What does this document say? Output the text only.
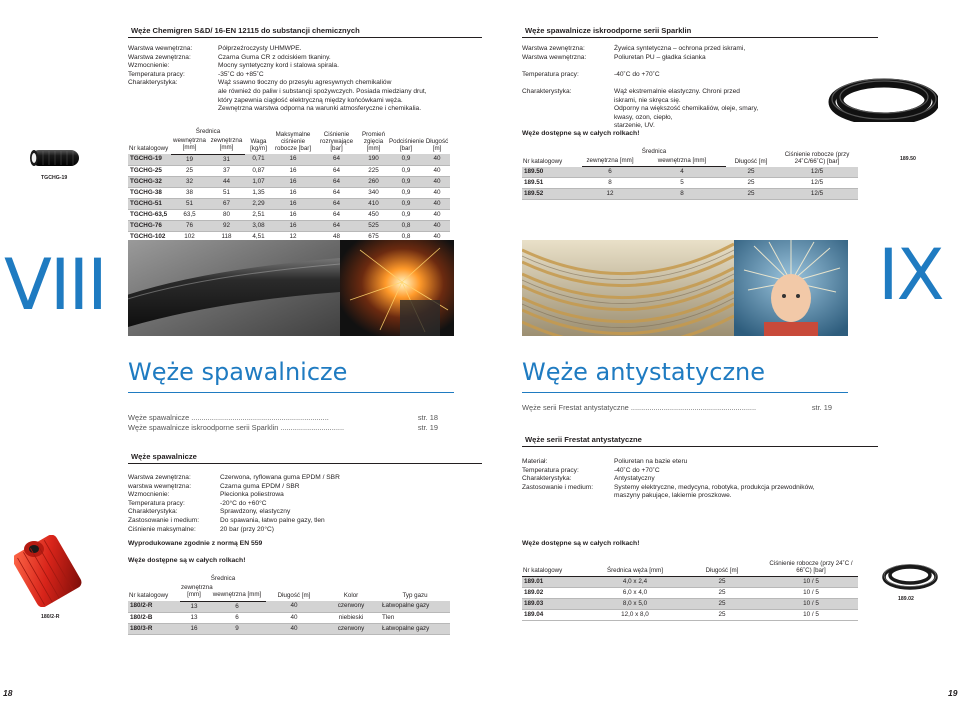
Węże Chemigren S&D/ 16-EN 12115 do substancji chemicznych
Warstwa wewnętrzna:	Półprzeźroczysty UHMWPE.
Warstwa zewnętrzna:	Czarna Guma CR z odciskiem tkaniny.
Wzmocnienie:	Mocny syntetyczny kord i stalowa spirala.
Temperatura pracy:	-35˚C do +85˚C
Charakterystyka:	Wąż ssawno tłoczny do przesyłu agresywnych chemikaliów
ale również do paliw i substancji spożywczych. Posiada miedziany drut,
który zapewnia ciągłość elektryczną między końcówkami węża.
Zewnętrzna warstwa odporna na warunki atmosferyczne i chemikalia.
TGCHG-19
Nr katalogowy	Średnica		Waga [kg/m]	Maksymalne ciśnienie robocze [bar]	Ciśnienie rozrywające [bar]	Promień zgięcia [mm]	Podciśnienie [bar]	Długość [m]
	wewnętrzna [mm]	zewnętrzna [mm]						
TGCHG-19	19	31	0,71	16	64	190	0,9	40
TGCHG-25	25	37	0,87	16	64	225	0,9	40
TGCHG-32	32	44	1,07	16	64	260	0,9	40
TGCHG-38	38	51	1,35	16	64	340	0,9	40
TGCHG-51	51	67	2,29	16	64	410	0,9	40
TGCHG-63,5	63,5	80	2,51	16	64	450	0,9	40
TGCHG-76	76	92	3,08	16	64	525	0,8	40
TGCHG-102	102	118	4,51	12	48	675	0,8	40
VIII
Węże spawalnicze
Węże spawalnicze ...................................................................	str. 18
Węże spawalnicze iskroodporne serii Sparklin ...............................	str. 19
Węże spawalnicze
Warstwa zewnętrzna:	Czerwona, ryflowana guma EPDM / SBR
warstwa wewnętrzna:	Czarna guma EPDM / SBR
Wzmocnienie:	Plecionka poliestrowa
Temperatura pracy:	-20°C do +60°C
Charakterystyka:	Sprawdzony, elastyczny
Zastosowanie i medium:	Do spawania, łatwo palne gazy, tlen
Ciśnienie maksymalne:	20 bar (przy 20°C)
Wyprodukowane zgodnie z normą EN 559
Węże dostępne są w całych rolkach!
180/2-R
Nr katalogowy	Średnica		Długość [m]	Kolor	Typ gazu
	zewnętrzna [mm]	wewnętrzna [mm]			
180/2-R	13	6	40	czerwony	Łatwopalne gazy
180/2-B	13	6	40	niebieski	Tlen
180/3-R	16	9	40	czerwony	Łatwopalne gazy
18
Węże spawalnicze iskroodporne serii Sparklin
Warstwa zewnętrzna:	Żywica syntetyczna – ochrona przed iskrami,
Warstwa wewnętrzna:	Poliuretan PU – gładka ścianka
Temperatura pracy:	-40˚C do +70˚C
Charakterystyka:	Wąż ekstremalnie elastyczny. Chroni przed iskrami, nie skręca się.
Odporny na większość chemikaliów, oleje, smary, kwasy, ozon, ciepło,
starzenie, UV.
Węże dostępne są w całych rolkach!
Nr katalogowy	Średnica		Długość [m]	Ciśnienie robocze (przy 24˚C/66˚C) [bar]
	zewnętrzna [mm]	wewnętrzna [mm]		
189.50	6	4	25	12/5
189.51	8	5	25	12/5
189.52	12	8	25	12/5
189.50
IX
Węże antystatyczne
Węże serii Frestat antystatyczne .............................................................	str. 19
Węże serii Frestat antystatyczne
Materiał:	Poliuretan na bazie eteru
Temperatura pracy:	-40˚C do +70˚C
Charakterystyka:	Antystatyczny
Zastosowanie i medium:	Systemy elektryczne, medycyna, robotyka, produkcja przewodników,
maszyny pakujące, lakiernie proszkowe.
Węże dostępne są w całych rolkach!
Nr katalogowy	Średnica węża [mm]	Długość [m]	Ciśnienie robocze (przy 24˚C / 66˚C) [bar]
189.01	4,0 x 2,4	25	10 / 5
189.02	6,0 x 4,0	25	10 / 5
189.03	8,0 x 5,0	25	10 / 5
189.04	12,0 x 8,0	25	10 / 5
189.02
19
